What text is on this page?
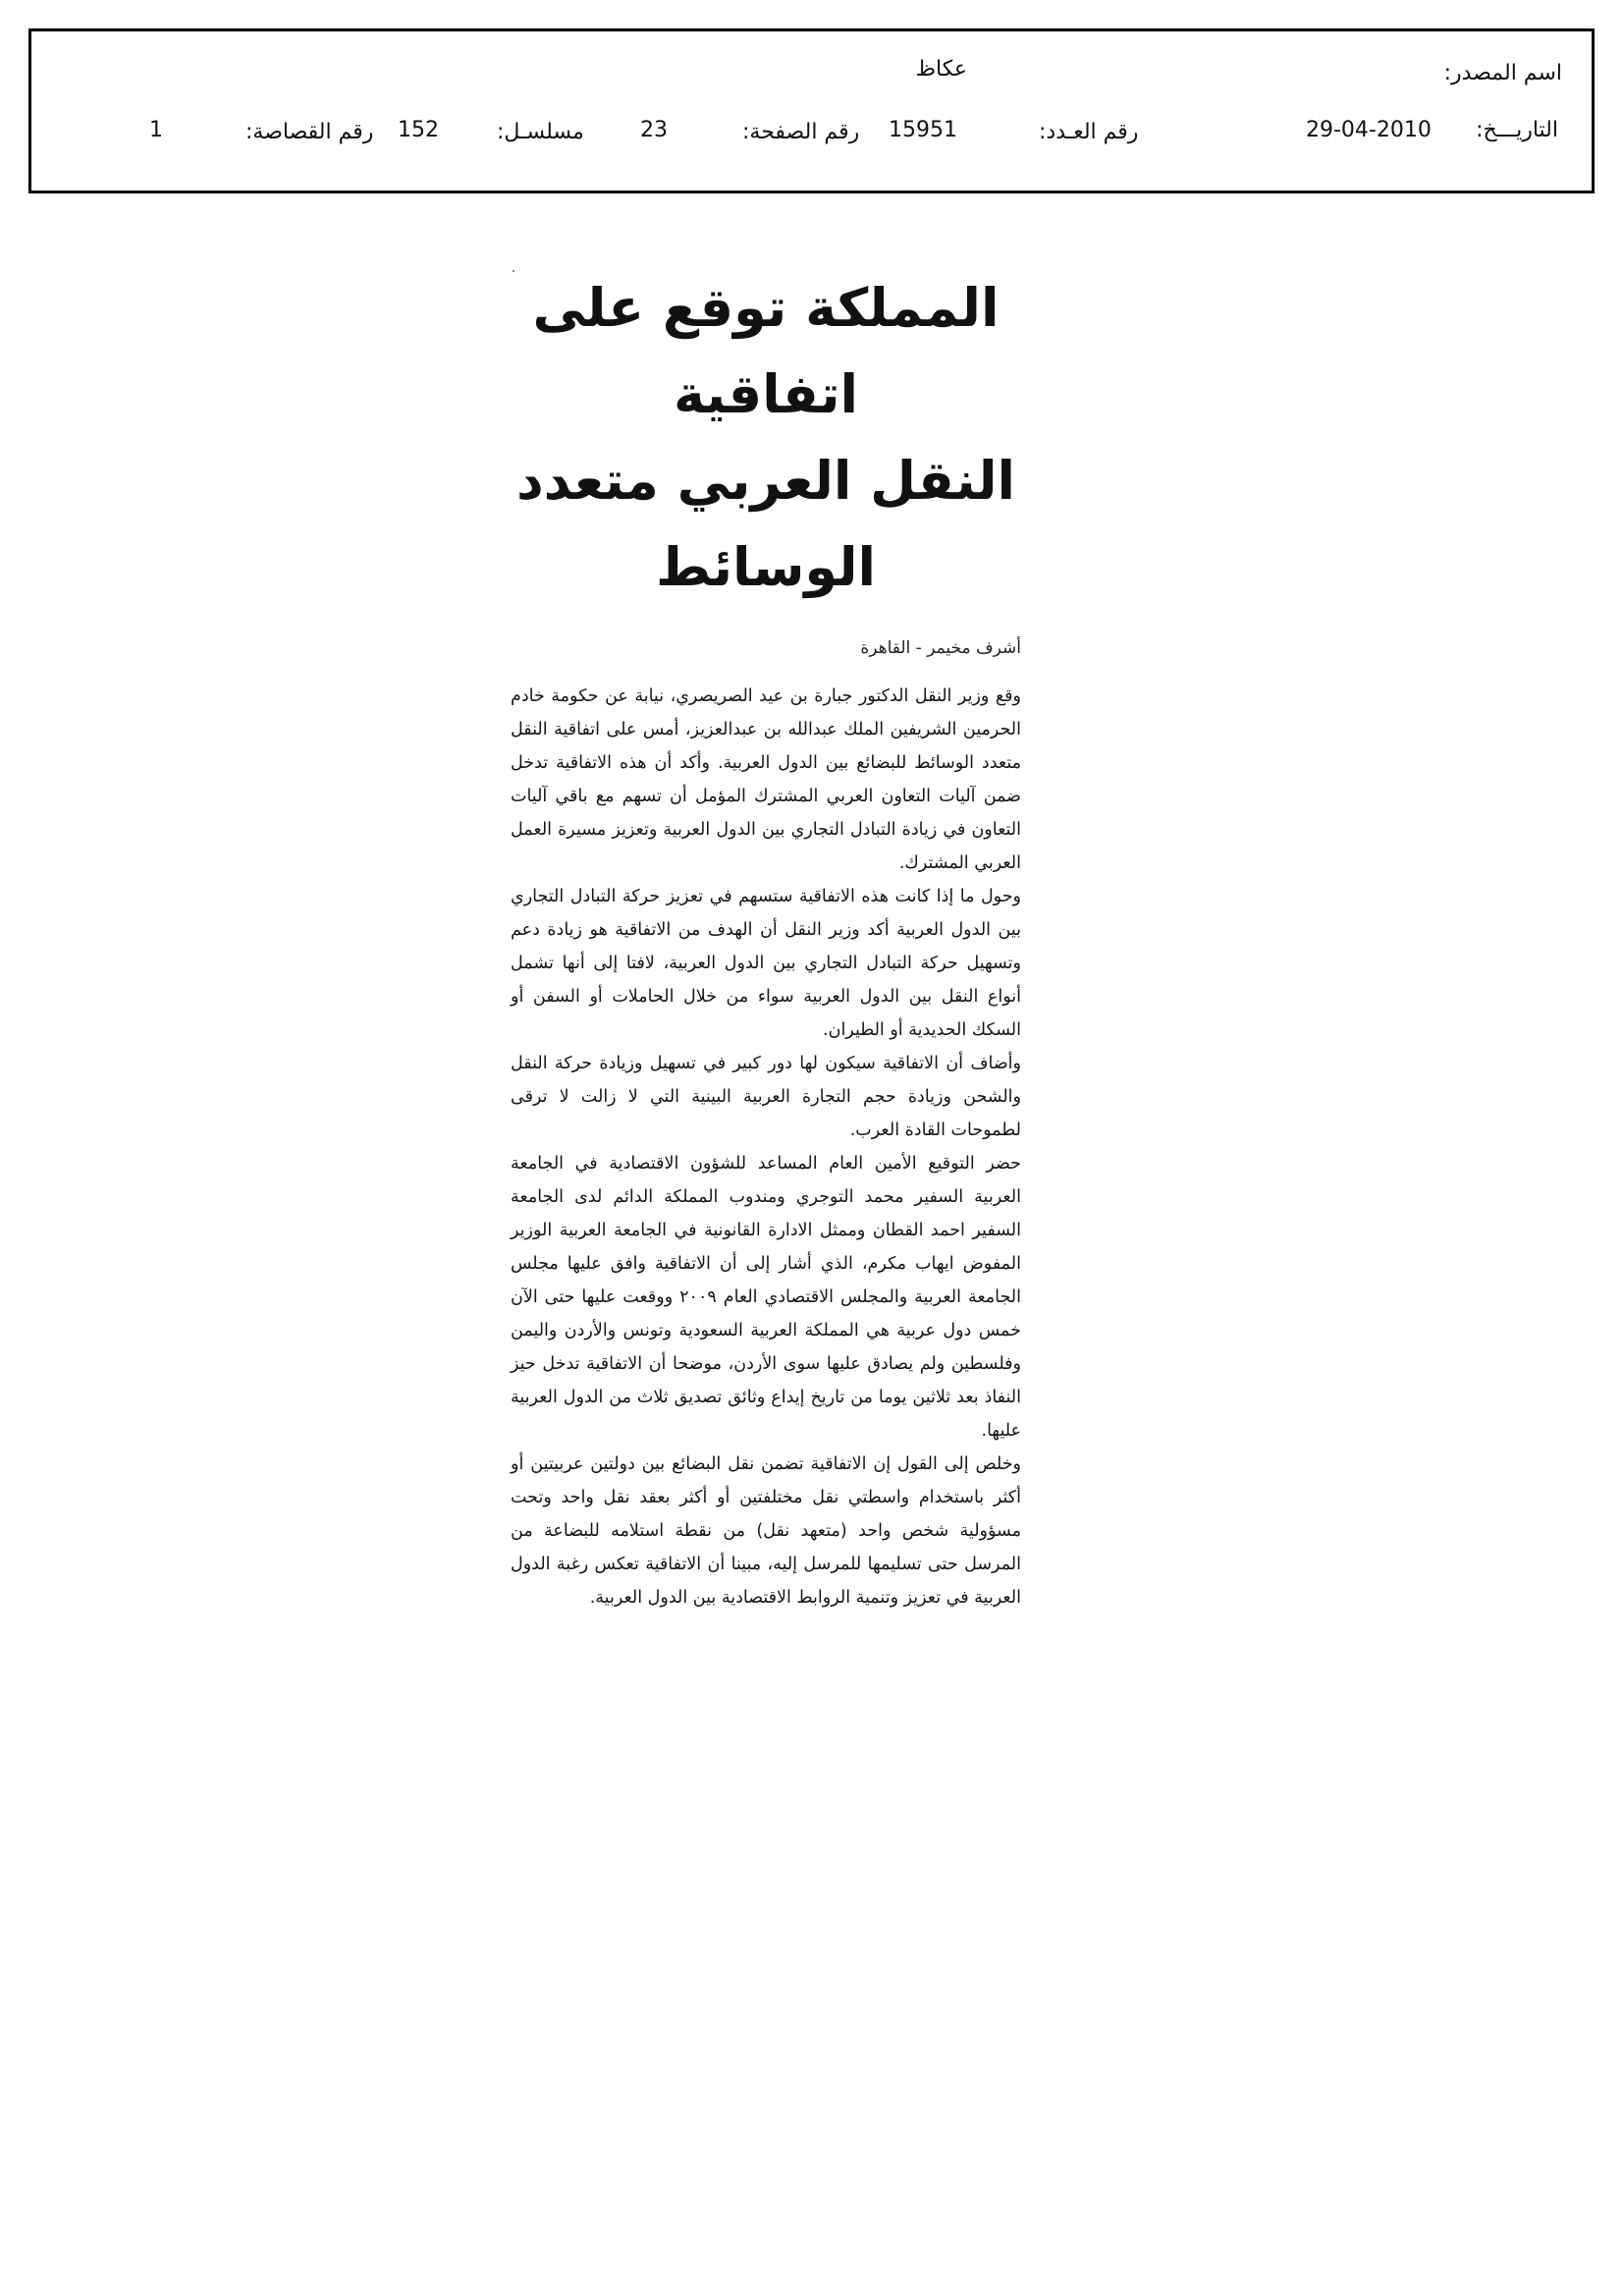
اسم المصدر:
عكاظ
التاريـــخ:
29-04-2010
رقم العـدد:
15951
رقم الصفحة:
23
مسلسـل:
152
رقم القصاصة:
1
المملكة توقع على اتفاقية
النقل العربي متعدد الوسائط
أشرف مخيمر - القاهرة

وقع وزير النقل الدكتور جبارة بن عيد الصريصري، نيابة عن حكومة خادم الحرمين الشريفين الملك عبدالله بن عبدالعزيز، أمس على اتفاقية النقل متعدد الوسائط للبضائع بين الدول العربية. وأكد أن هذه الاتفاقية تدخل ضمن آليات التعاون العربي المشترك المؤمل أن تسهم مع باقي آليات التعاون في زيادة التبادل التجاري بين الدول العربية وتعزيز مسيرة العمل العربي المشترك.

وحول ما إذا كانت هذه الاتفاقية ستسهم في تعزيز حركة التبادل التجاري بين الدول العربية أكد وزير النقل أن الهدف من الاتفاقية هو زيادة دعم وتسهيل حركة التبادل التجاري بين الدول العربية، لافتا إلى أنها تشمل أنواع النقل بين الدول العربية سواء من خلال الحاملات أو السفن أو السكك الحديدية أو الطيران.

وأضاف أن الاتفاقية سيكون لها دور كبير في تسهيل وزيادة حركة النقل والشحن وزيادة حجم التجارة العربية البينية التي لا زالت لا ترقى لطموحات القادة العرب.

حضر التوقيع الأمين العام المساعد للشؤون الاقتصادية في الجامعة العربية السفير محمد التوجري ومندوب المملكة الدائم لدى الجامعة السفير احمد القطان وممثل الادارة القانونية في الجامعة العربية الوزير المفوض ايهاب مكرم، الذي أشار إلى أن الاتفاقية وافق عليها مجلس الجامعة العربية والمجلس الاقتصادي العام ٢٠٠٩ ووقعت عليها حتى الآن خمس دول عربية هي المملكة العربية السعودية وتونس والأردن واليمن وفلسطين ولم يصادق عليها سوى الأردن، موضحا أن الاتفاقية تدخل حيز النفاذ بعد ثلاثين يوما من تاريخ إيداع وثائق تصديق ثلاث من الدول العربية عليها.

وخلص إلى القول إن الاتفاقية تضمن نقل البضائع بين دولتين عربيتين أو أكثر باستخدام واسطتي نقل مختلفتين أو أكثر بعقد نقل واحد وتحت مسؤولية شخص واحد (متعهد نقل) من نقطة استلامه للبضاعة من المرسل حتى تسليمها للمرسل إليه، مبينا أن الاتفاقية تعكس رغبة الدول العربية في تعزيز وتنمية الروابط الاقتصادية بين الدول العربية.
